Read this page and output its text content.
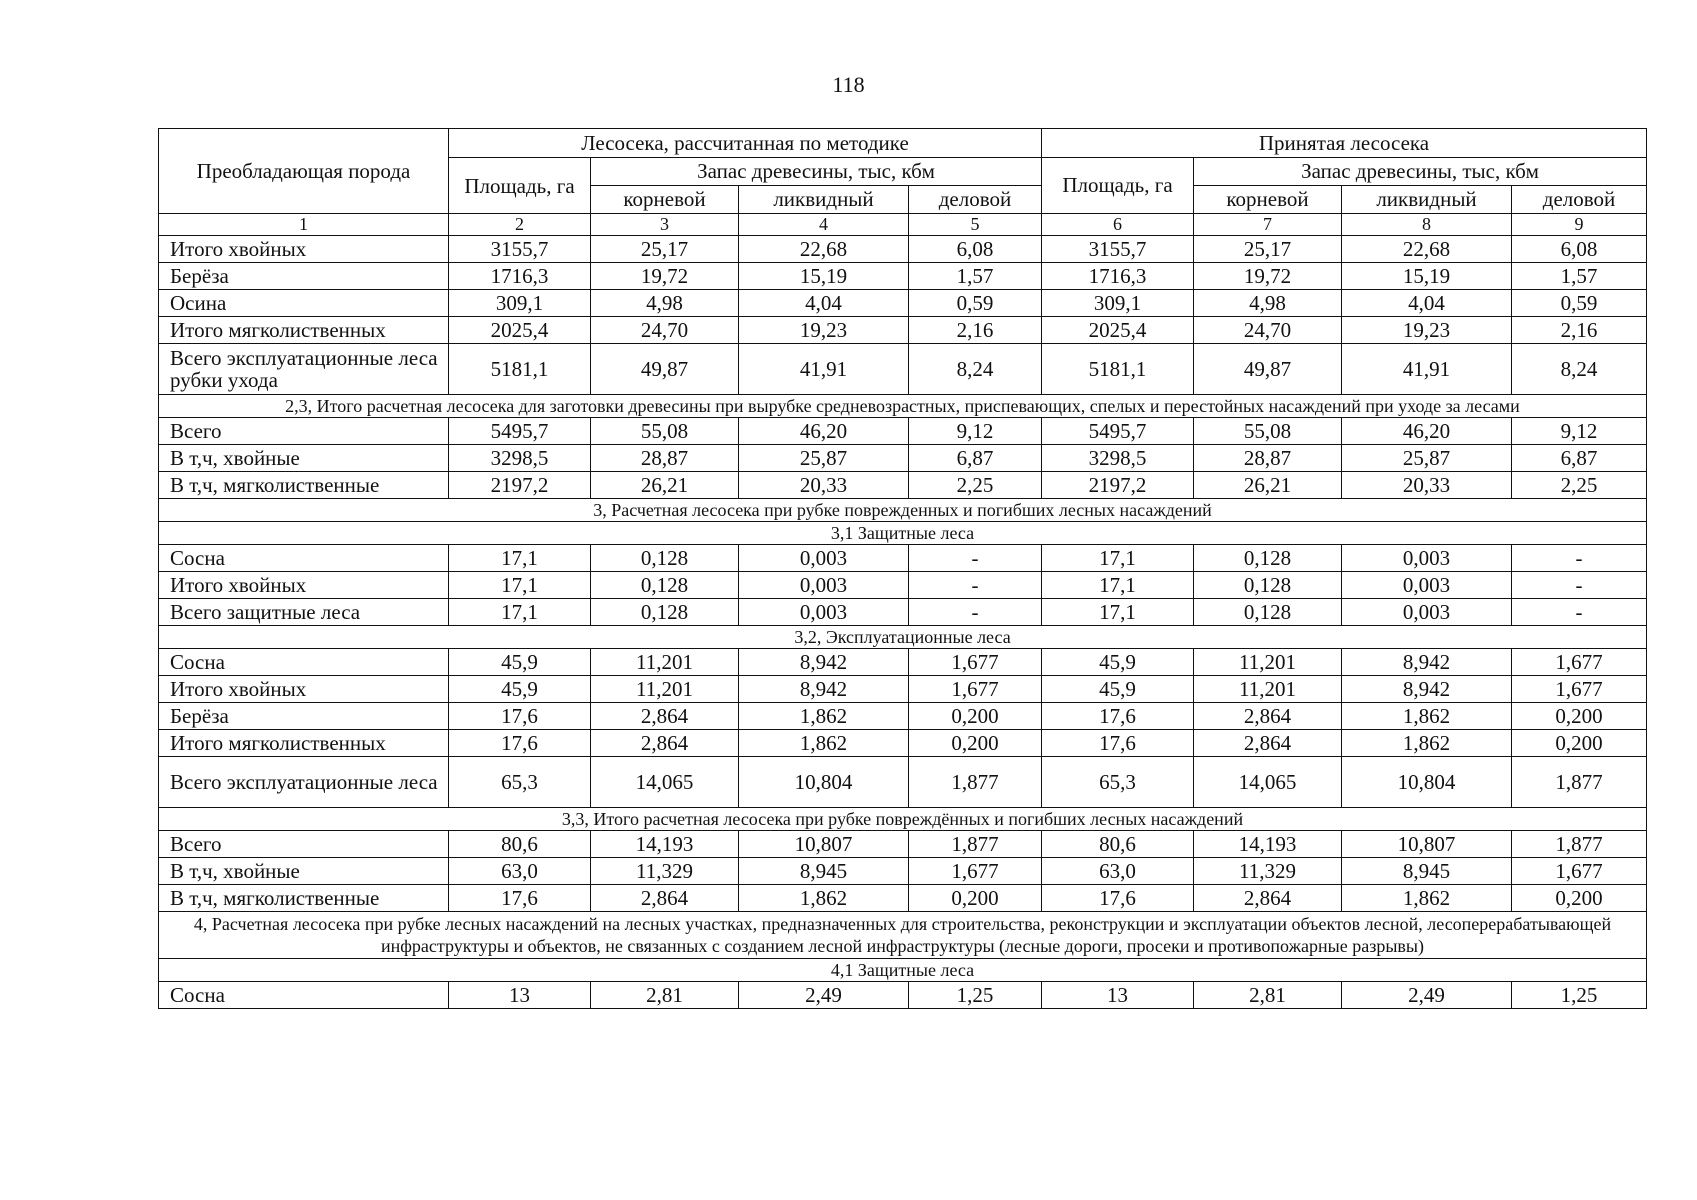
118
Преобладающая порода	Лесосека, рассчитанная по методике				Принятая лесосека			
	Площадь, га	Запас древесины, тыс, кбм			Площадь, га	Запас древесины, тыс, кбм		
		корневой	ликвидный	деловой		корневой	ликвидный	деловой
1	2	3	4	5	6	7	8	9
Итого хвойных	3155,7	25,17	22,68	6,08	3155,7	25,17	22,68	6,08
Берёза	1716,3	19,72	15,19	1,57	1716,3	19,72	15,19	1,57
Осина	309,1	4,98	4,04	0,59	309,1	4,98	4,04	0,59
Итого мягколиственных	2025,4	24,70	19,23	2,16	2025,4	24,70	19,23	2,16
Всего эксплуатационные леса рубки ухода	5181,1	49,87	41,91	8,24	5181,1	49,87	41,91	8,24
2,3, Итого расчетная лесосека для заготовки древесины при вырубке средневозрастных, приспевающих, спелых и перестойных насаждений при уходе за лесами								
Всего	5495,7	55,08	46,20	9,12	5495,7	55,08	46,20	9,12
В т,ч, хвойные	3298,5	28,87	25,87	6,87	3298,5	28,87	25,87	6,87
В т,ч, мягколиственные	2197,2	26,21	20,33	2,25	2197,2	26,21	20,33	2,25
3, Расчетная лесосека при рубке поврежденных и погибших лесных насаждений								
3,1 Защитные леса								
Сосна	17,1	0,128	0,003	-	17,1	0,128	0,003	-
Итого хвойных	17,1	0,128	0,003	-	17,1	0,128	0,003	-
Всего защитные леса	17,1	0,128	0,003	-	17,1	0,128	0,003	-
3,2, Эксплуатационные леса								
Сосна	45,9	11,201	8,942	1,677	45,9	11,201	8,942	1,677
Итого хвойных	45,9	11,201	8,942	1,677	45,9	11,201	8,942	1,677
Берёза	17,6	2,864	1,862	0,200	17,6	2,864	1,862	0,200
Итого мягколиственных	17,6	2,864	1,862	0,200	17,6	2,864	1,862	0,200
Всего эксплуатационные леса	65,3	14,065	10,804	1,877	65,3	14,065	10,804	1,877
3,3, Итого расчетная лесосека при рубке повреждённых и погибших лесных насаждений								
Всего	80,6	14,193	10,807	1,877	80,6	14,193	10,807	1,877
В т,ч, хвойные	63,0	11,329	8,945	1,677	63,0	11,329	8,945	1,677
В т,ч, мягколиственные	17,6	2,864	1,862	0,200	17,6	2,864	1,862	0,200
4, Расчетная лесосека при рубке лесных насаждений на лесных участках, предназначенных для строительства, реконструкции и эксплуатации объектов лесной, лесоперерабатывающей инфраструктуры и объектов, не связанных с созданием лесной инфраструктуры (лесные дороги, просеки и противопожарные разрывы)								
4,1 Защитные леса								
Сосна	13	2,81	2,49	1,25	13	2,81	2,49	1,25
